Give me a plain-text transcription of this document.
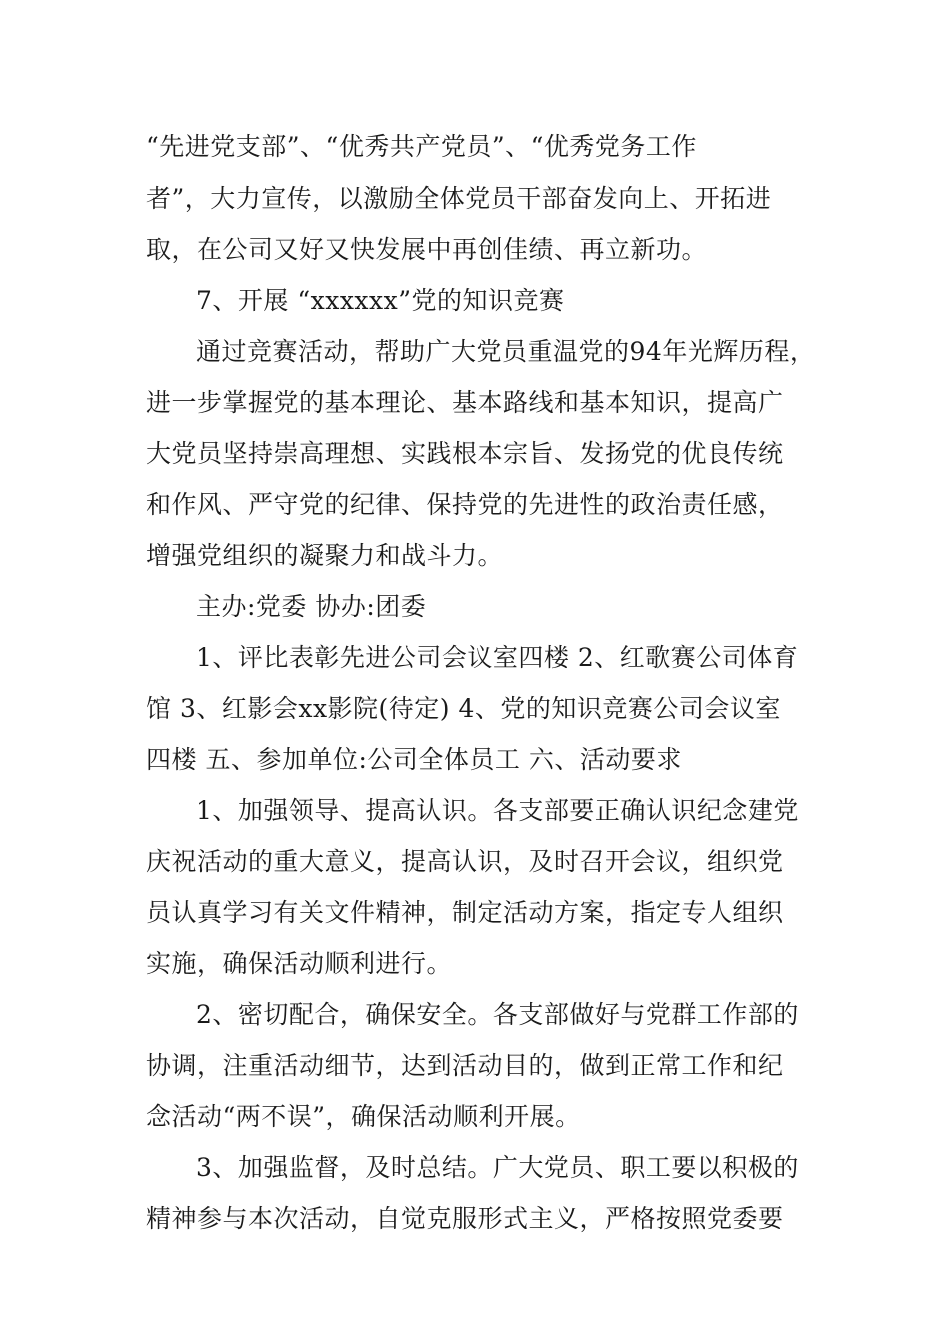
“先进党支部”、“优秀共产党员”、“优秀党务工作
者”，大力宣传，以激励全体党员干部奋发向上、开拓进
取，在公司又好又快发展中再创佳绩、再立新功。
7、开展 “xxxxxx”党的知识竞赛
通过竞赛活动，帮助广大党员重温党的94年光辉历程，
进一步掌握党的基本理论、基本路线和基本知识，提高广
大党员坚持崇高理想、实践根本宗旨、发扬党的优良传统
和作风、严守党的纪律、保持党的先进性的政治责任感，
增强党组织的凝聚力和战斗力。
主办:党委 协办:团委
1、评比表彰先进公司会议室四楼 2、红歌赛公司体育
馆 3、红影会xx影院(待定) 4、党的知识竞赛公司会议室
四楼 五、参加单位:公司全体员工 六、活动要求
1、加强领导、提高认识。各支部要正确认识纪念建党
庆祝活动的重大意义，提高认识，及时召开会议，组织党
员认真学习有关文件精神，制定活动方案，指定专人组织
实施，确保活动顺利进行。
2、密切配合，确保安全。各支部做好与党群工作部的
协调，注重活动细节，达到活动目的，做到正常工作和纪
念活动“两不误”，确保活动顺利开展。
3、加强监督，及时总结。广大党员、职工要以积极的
精神参与本次活动，自觉克服形式主义，严格按照党委要
